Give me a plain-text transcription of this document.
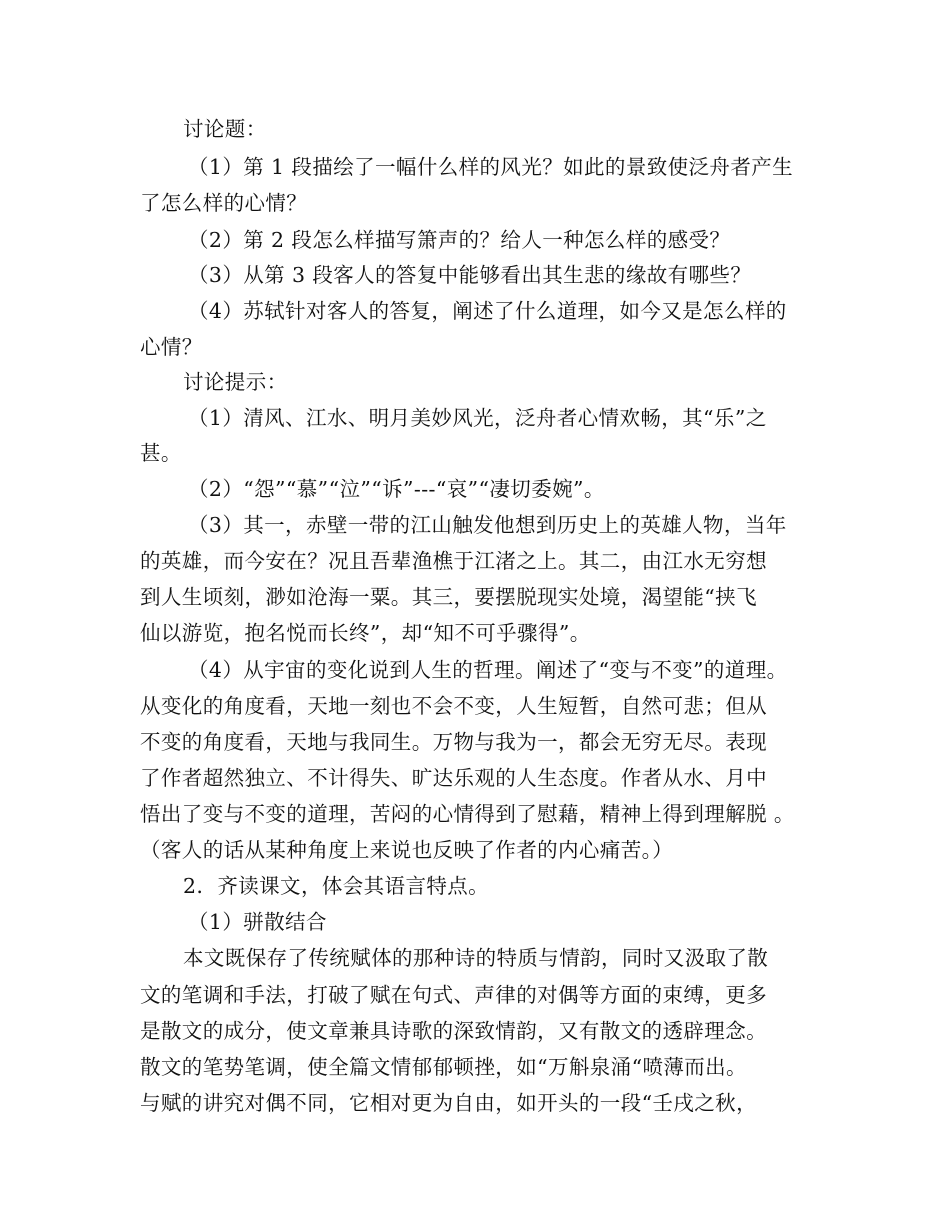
讨论题：
（1）第 1 段描绘了一幅什么样的风光？如此的景致使泛舟者产生
了怎么样的心情？
（2）第 2 段怎么样描写箫声的？给人一种怎么样的感受？
（3）从第 3 段客人的答复中能够看出其生悲的缘故有哪些？
（4）苏轼针对客人的答复，阐述了什么道理，如今又是怎么样的
心情？
讨论提示：
（1）清风、江水、明月美妙风光，泛舟者心情欢畅，其“乐”之
甚。
（2）“怨”“慕”“泣”“诉”---“哀”“凄切委婉”。
（3）其一，赤壁一带的江山触发他想到历史上的英雄人物，当年
的英雄，而今安在？况且吾辈渔樵于江渚之上。其二，由江水无穷想
到人生顷刻，渺如沧海一粟。其三，要摆脱现实处境，渴望能“挟飞
仙以游览，抱名悦而长终”，却“知不可乎骤得”。
（4）从宇宙的变化说到人生的哲理。阐述了“变与不变”的道理。
从变化的角度看，天地一刻也不会不变，人生短暂，自然可悲；但从
不变的角度看，天地与我同生。万物与我为一，都会无穷无尽。表现
了作者超然独立、不计得失、旷达乐观的人生态度。作者从水、月中
悟出了变与不变的道理，苦闷的心情得到了慰藉，精神上得到理解脱 。
（客人的话从某种角度上来说也反映了作者的内心痛苦。）
2．齐读课文，体会其语言特点。
（1）骈散结合
本文既保存了传统赋体的那种诗的特质与情韵，同时又汲取了散
文的笔调和手法，打破了赋在句式、声律的对偶等方面的束缚，更多
是散文的成分，使文章兼具诗歌的深致情韵，又有散文的透辟理念。
散文的笔势笔调，使全篇文情郁郁顿挫，如“万斛泉涌“喷薄而出。
与赋的讲究对偶不同，它相对更为自由，如开头的一段“壬戌之秋，
